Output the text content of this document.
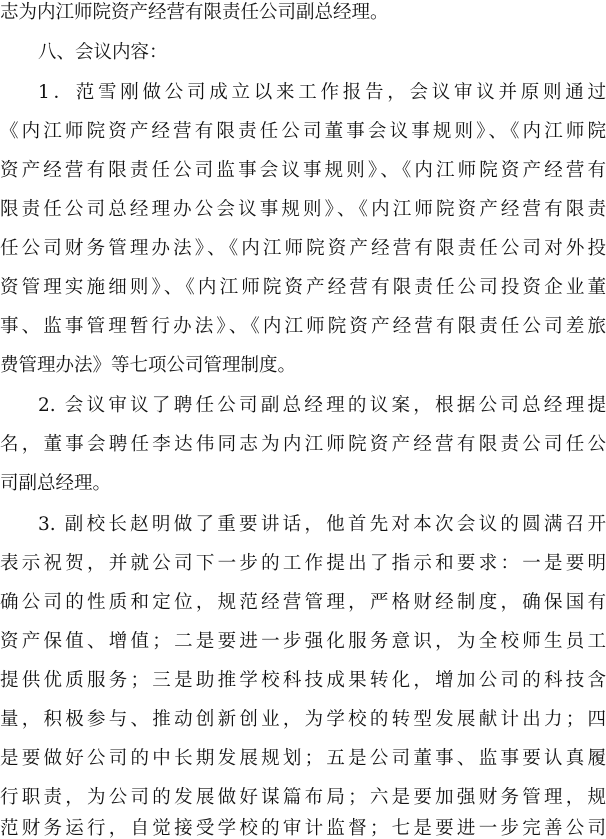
志为内江师院资产经营有限责任公司副总经理。
八、会议内容：
1．范雪刚做公司成立以来工作报告，会议审议并原则通过
《内江师院资产经营有限责任公司董事会议事规则》、《内江师院
资产经营有限责任公司监事会议事规则》、《内江师院资产经营有
限责任公司总经理办公会议事规则》、《内江师院资产经营有限责
任公司财务管理办法》、《内江师院资产经营有限责任公司对外投
资管理实施细则》、《内江师院资产经营有限责任公司投资企业董
事、监事管理暂行办法》、《内江师院资产经营有限责任公司差旅
费管理办法》等七项公司管理制度。
2. 会议审议了聘任公司副总经理的议案，根据公司总经理提
名，董事会聘任李达伟同志为内江师院资产经营有限责公司任公
司副总经理。
3. 副校长赵明做了重要讲话，他首先对本次会议的圆满召开
表示祝贺，并就公司下一步的工作提出了指示和要求：一是要明
确公司的性质和定位，规范经营管理，严格财经制度，确保国有
资产保值、增值；二是要进一步强化服务意识，为全校师生员工
提供优质服务；三是助推学校科技成果转化，增加公司的科技含
量，积极参与、推动创新创业，为学校的转型发展献计出力；四
是要做好公司的中长期发展规划；五是公司董事、监事要认真履
行职责，为公司的发展做好谋篇布局；六是要加强财务管理，规
范财务运行，自觉接受学校的审计监督；七是要进一步完善公司
